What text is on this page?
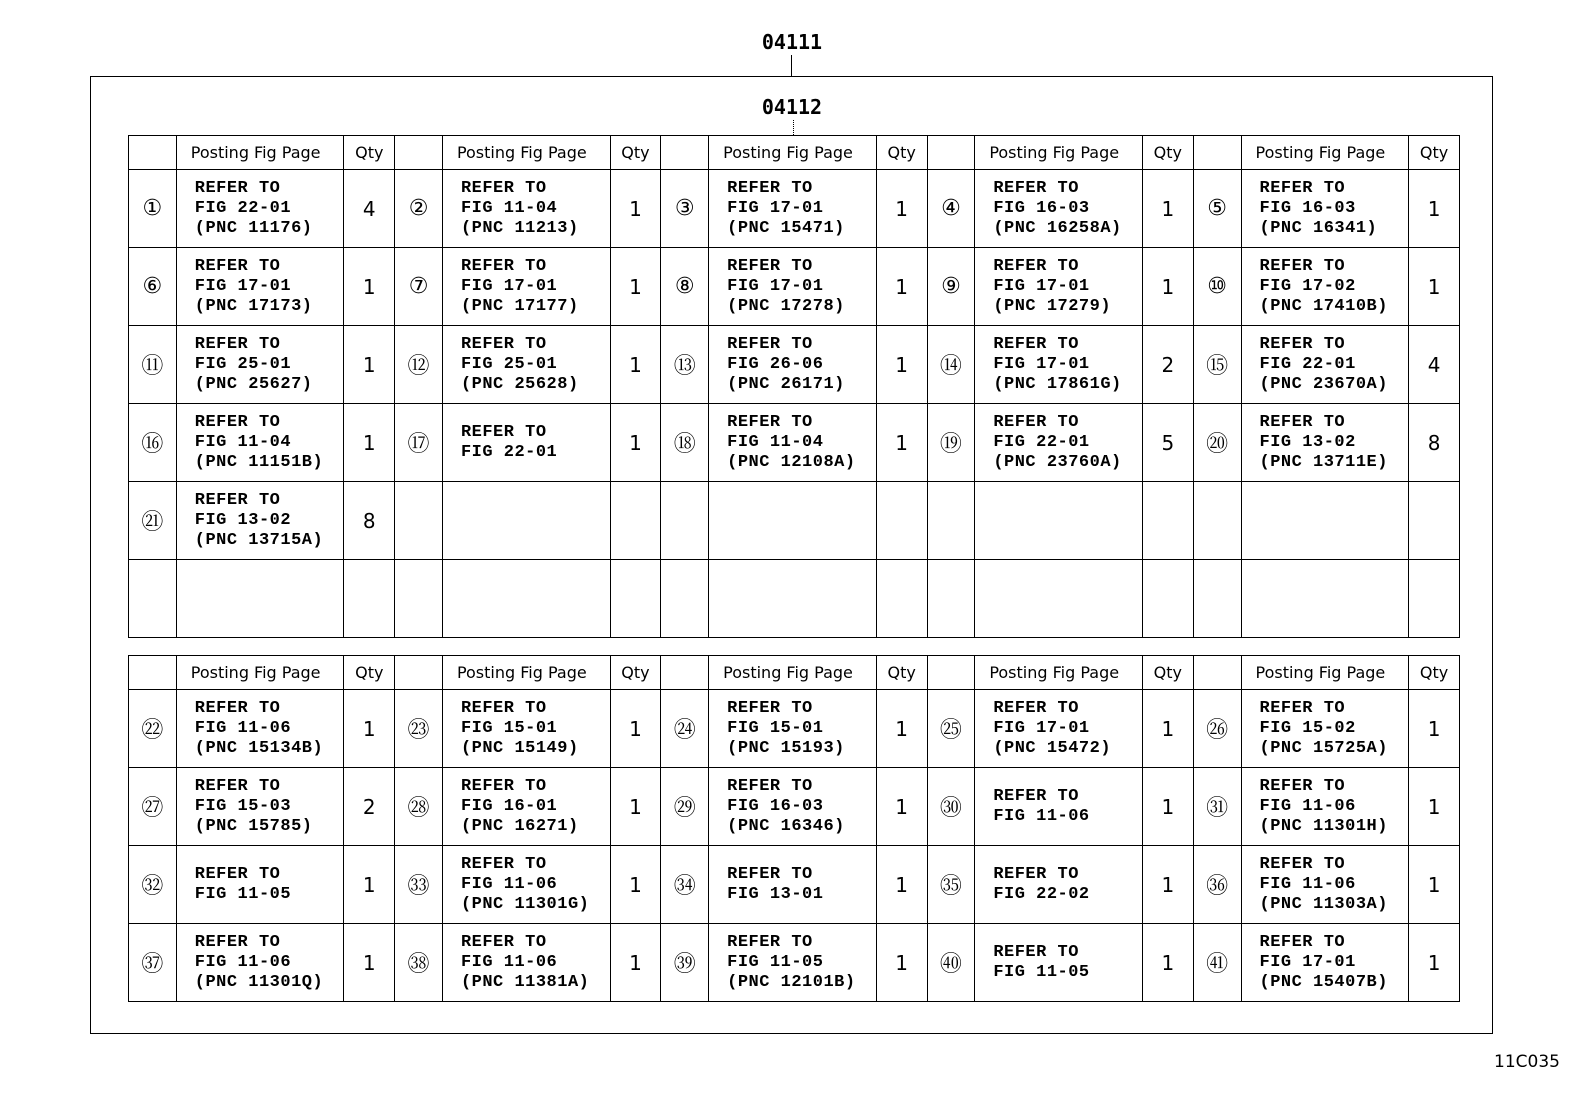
04111
04112
	Posting Fig Page	Qty		Posting Fig Page	Qty		Posting Fig Page	Qty		Posting Fig Page	Qty		Posting Fig Page	Qty
①	REFER TO
FIG 22-01
(PNC 11176)	4	②	REFER TO
FIG 11-04
(PNC 11213)	1	③	REFER TO
FIG 17-01
(PNC 15471)	1	④	REFER TO
FIG 16-03
(PNC 16258A)	1	⑤	REFER TO
FIG 16-03
(PNC 16341)	1
⑥	REFER TO
FIG 17-01
(PNC 17173)	1	⑦	REFER TO
FIG 17-01
(PNC 17177)	1	⑧	REFER TO
FIG 17-01
(PNC 17278)	1	⑨	REFER TO
FIG 17-01
(PNC 17279)	1	⑩	REFER TO
FIG 17-02
(PNC 17410B)	1
⑪	REFER TO
FIG 25-01
(PNC 25627)	1	⑫	REFER TO
FIG 25-01
(PNC 25628)	1	⑬	REFER TO
FIG 26-06
(PNC 26171)	1	⑭	REFER TO
FIG 17-01
(PNC 17861G)	2	⑮	REFER TO
FIG 22-01
(PNC 23670A)	4
⑯	REFER TO
FIG 11-04
(PNC 11151B)	1	⑰	REFER TO
FIG 22-01	1	⑱	REFER TO
FIG 11-04
(PNC 12108A)	1	⑲	REFER TO
FIG 22-01
(PNC 23760A)	5	⑳	REFER TO
FIG 13-02
(PNC 13711E)	8
㉑	REFER TO
FIG 13-02
(PNC 13715A)	8												

	Posting Fig Page	Qty		Posting Fig Page	Qty		Posting Fig Page	Qty		Posting Fig Page	Qty		Posting Fig Page	Qty
㉒	REFER TO
FIG 11-06
(PNC 15134B)	1	㉓	REFER TO
FIG 15-01
(PNC 15149)	1	㉔	REFER TO
FIG 15-01
(PNC 15193)	1	㉕	REFER TO
FIG 17-01
(PNC 15472)	1	㉖	REFER TO
FIG 15-02
(PNC 15725A)	1
㉗	REFER TO
FIG 15-03
(PNC 15785)	2	㉘	REFER TO
FIG 16-01
(PNC 16271)	1	㉙	REFER TO
FIG 16-03
(PNC 16346)	1	㉚	REFER TO
FIG 11-06	1	㉛	REFER TO
FIG 11-06
(PNC 11301H)	1
㉜	REFER TO
FIG 11-05	1	㉝	REFER TO
FIG 11-06
(PNC 11301G)	1	㉞	REFER TO
FIG 13-01	1	㉟	REFER TO
FIG 22-02	1	㊱	REFER TO
FIG 11-06
(PNC 11303A)	1
㊲	REFER TO
FIG 11-06
(PNC 11301Q)	1	㊳	REFER TO
FIG 11-06
(PNC 11381A)	1	㊴	REFER TO
FIG 11-05
(PNC 12101B)	1	㊵	REFER TO
FIG 11-05	1	㊶	REFER TO
FIG 17-01
(PNC 15407B)	1
11C035
